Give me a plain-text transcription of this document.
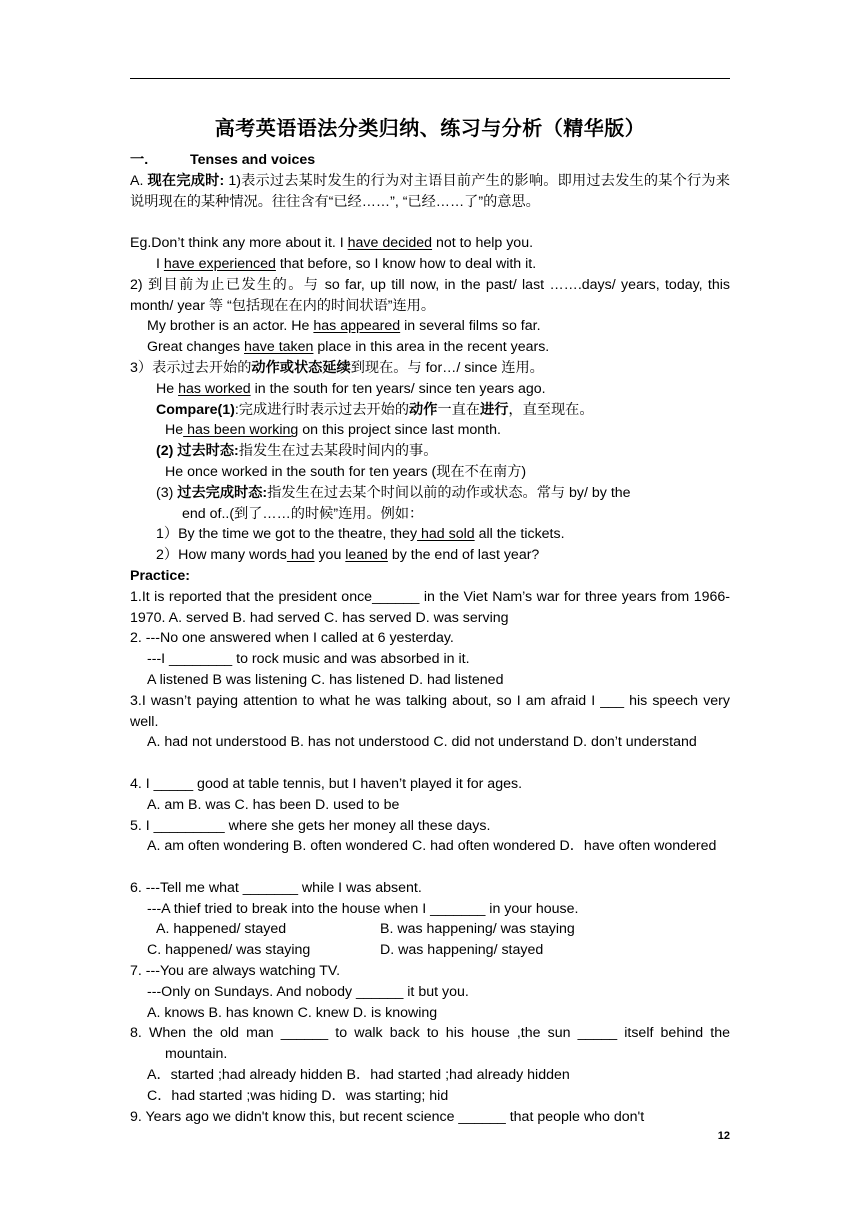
高考英语语法分类归纳、练习与分析（精华版）
一.	Tenses and voices
A. 现在完成时: 1)表示过去某时发生的行为对主语目前产生的影响。即用过去发生的某个行为来说明现在的某种情况。往往含有“已经……”, “已经……了”的意思。
Eg.Don’t think any more about it. I have decided not to help you.
I have experienced that before, so I know how to deal with it.
2) 到目前为止已发生的。与 so far, up till now, in the past/ last …….days/ years, today, this month/ year 等 “包括现在在内的时间状语”连用。
My brother is an actor. He has appeared in several films so far.
Great changes have taken place in this area in the recent years.
3）表示过去开始的动作或状态延续到现在。与 for…/ since 连用。
He has worked in the south for ten years/ since ten years ago.
Compare(1):完成进行时表示过去开始的动作一直在进行，直至现在。
He has been working on this project since last month.
(2) 过去时态:指发生在过去某段时间内的事。
He once worked in the south for ten years (现在不在南方)
(3) 过去完成时态:指发生在过去某个时间以前的动作或状态。常与 by/ by the
end of..(到了……的时候”连用。例如：
1）By the time we got to the theatre, they had sold all the tickets.
2）How many words had you leaned by the end of last year?
Practice:
1.It is reported that the president once______ in the Viet Nam’s war for three years from 1966-1970. A. served B. had served C. has served D. was serving
2. ---No one answered when I called at 6 yesterday.
---I ________ to rock music and was absorbed in it.
A listened B was listening C. has listened D. had listened
3.I wasn’t paying attention to what he was talking about, so I am afraid I ___ his speech very well.
A. had not understood B. has not understood C. did not understand D. don’t understand
4. I _____ good at table tennis, but I haven’t played it for ages.
A. am B. was C. has been D. used to be
5. I _________ where she gets her money all these days.
A. am often wondering B. often wondered C. had often wondered D．have often wondered
6. ---Tell me what _______ while I was absent.
---A thief tried to break into the house when I _______ in your house.
A. happened/ stayed	B. was happening/ was staying
C. happened/ was staying	D. was happening/ stayed
7. ---You are always watching TV.
---Only on Sundays. And nobody ______ it but you.
A. knows B. has known C. knew D. is knowing
8. When the old man ______ to walk back to his house ,the sun _____ itself behind the mountain.
A．started ;had already hidden B．had started ;had already hidden
C．had started ;was hiding D．was starting; hid
9. Years ago we didn't know this, but recent science ______ that people who don't
12
